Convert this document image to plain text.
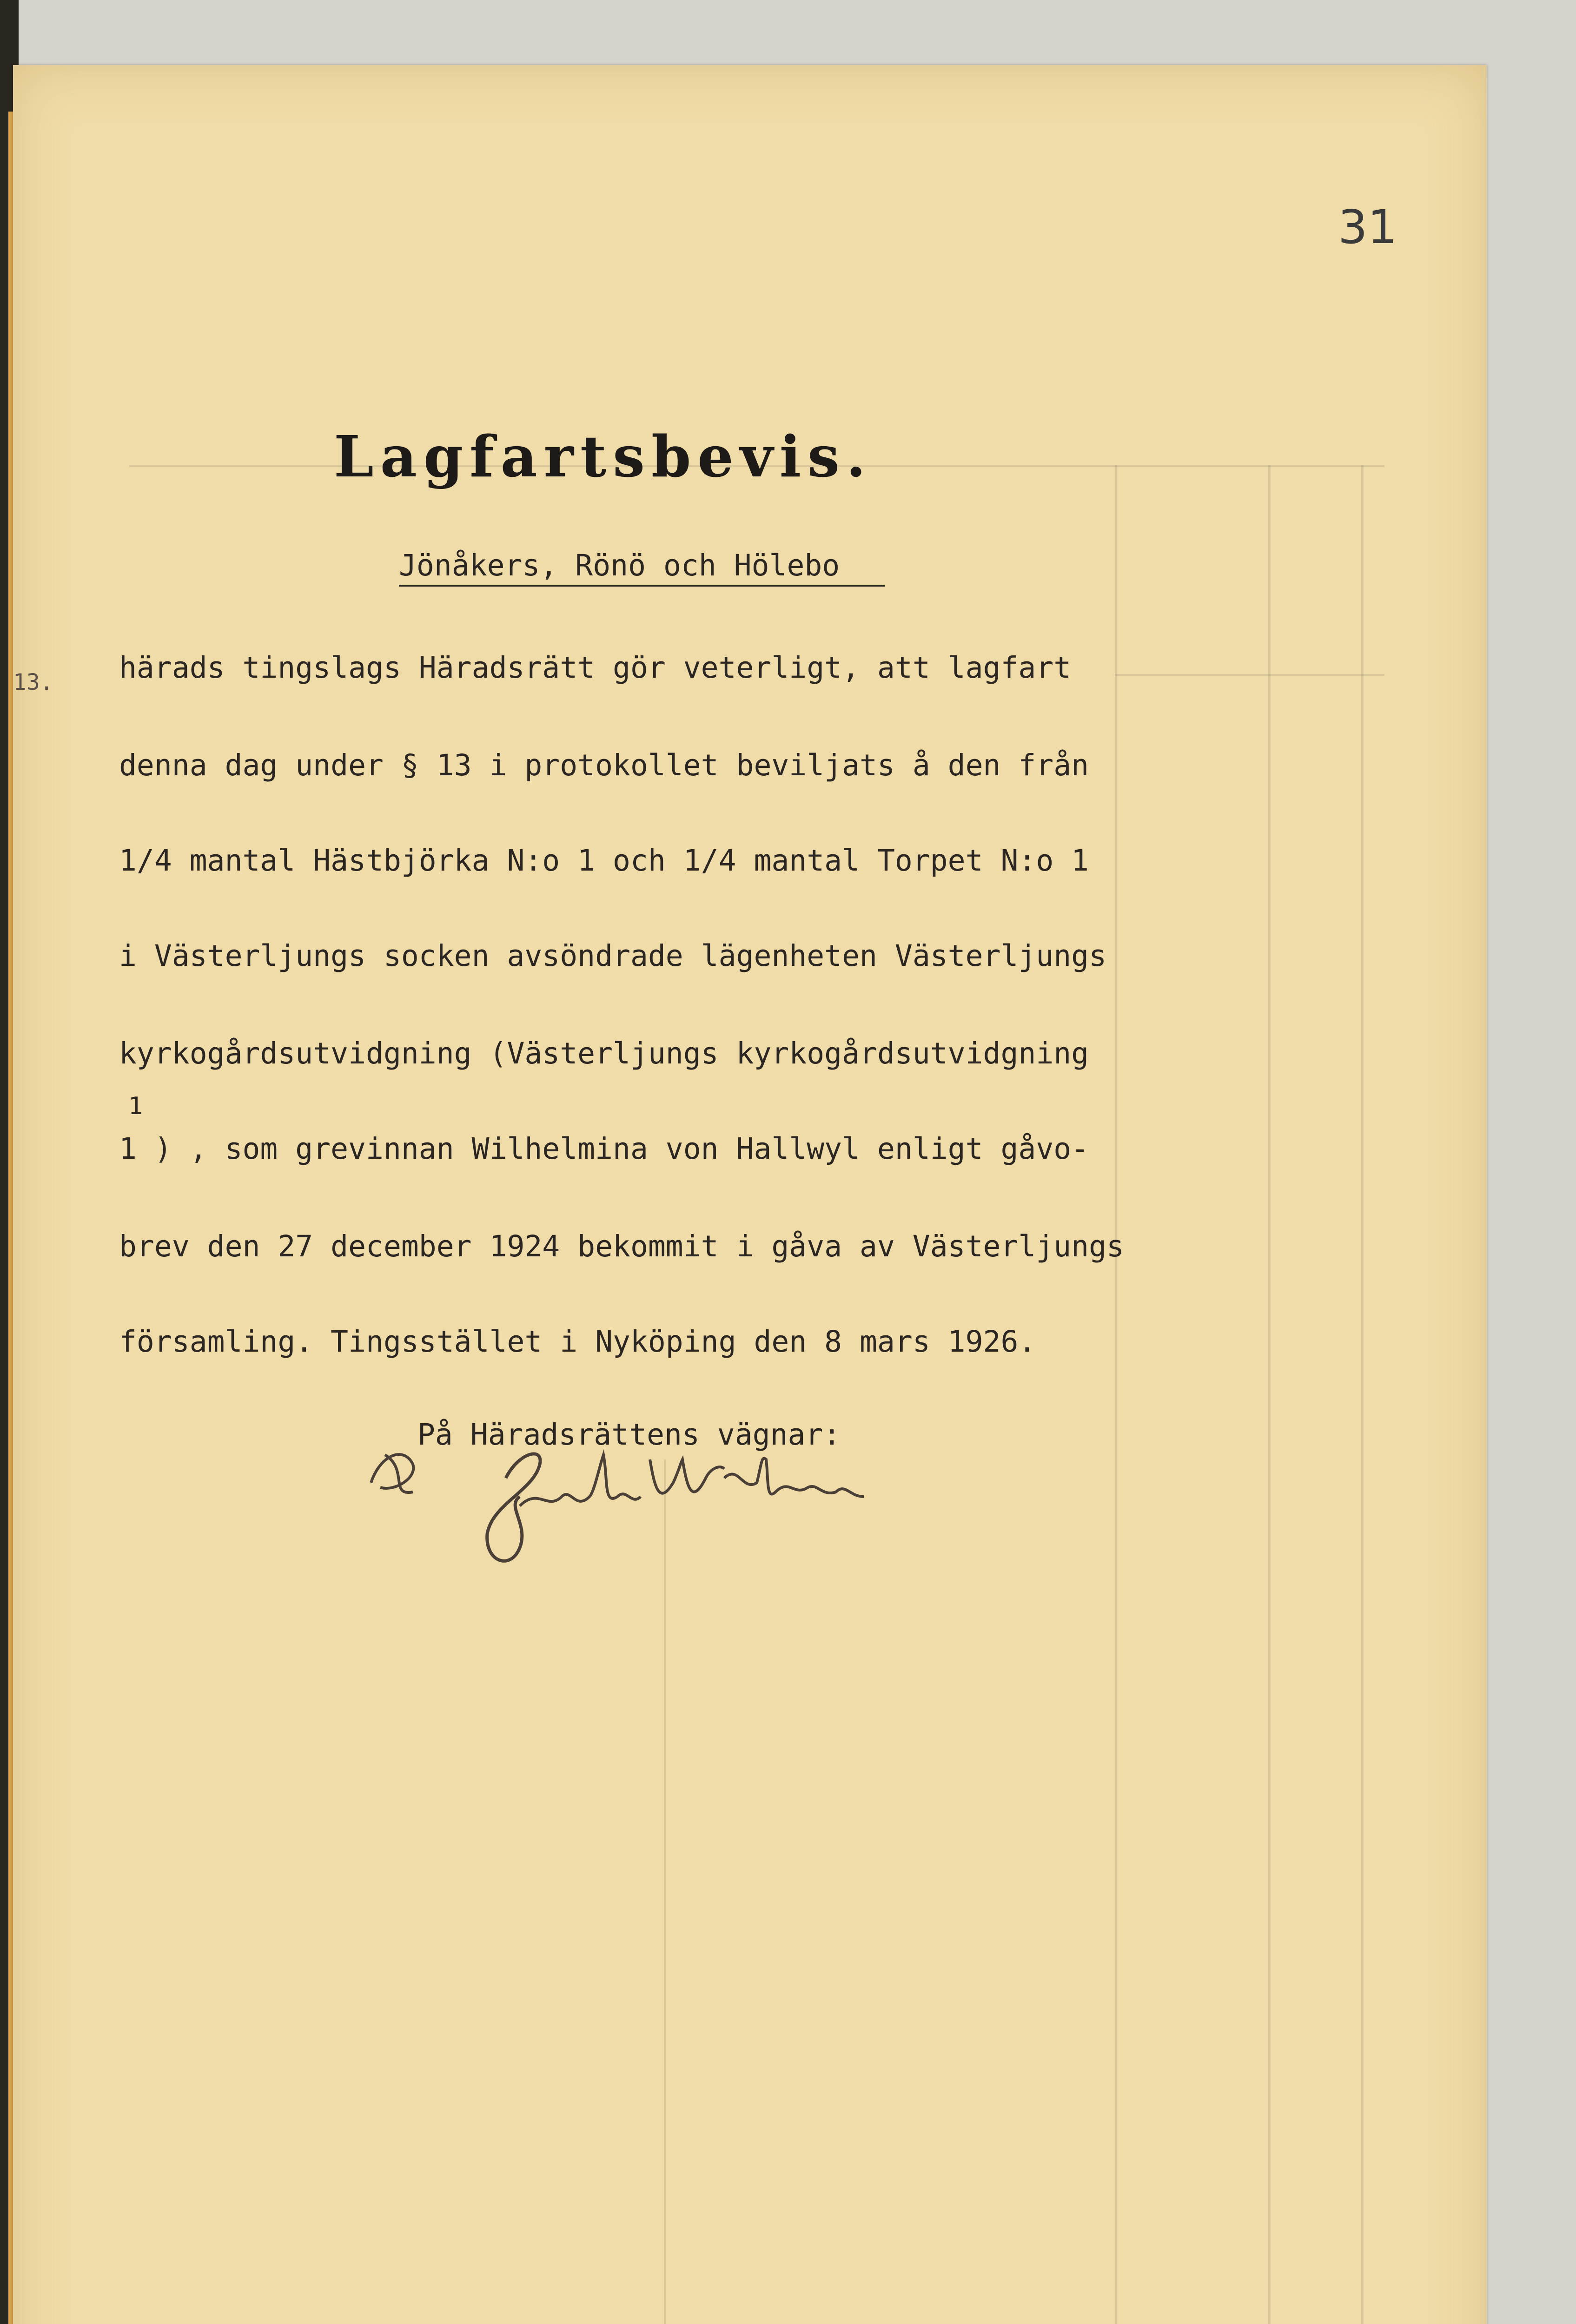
31
Lagfartsbevis.
Jönåkers, Rönö och Hölebo
13. härads tingslags Häradsrätt gör veterligt, att lagfart
denna dag under § 13 i protokollet beviljats å den från
1/4 mantal Hästbjörka N:o 1 och 1/4 mantal Torpet N:o 1
i Västerljungs socken avsöndrade lägenheten Västerljungs
kyrkogårdsutvidgning (Västerljungs kyrkogårdsutvidgning
1
1 ) , som grevinnan Wilhelmina von Hallwyl enligt gåvo-
brev den 27 december 1924 bekommit i gåva av Västerljungs
församling. Tingsstället i Nyköping den 8 mars 1926.
På Häradsrättens vägnar:
